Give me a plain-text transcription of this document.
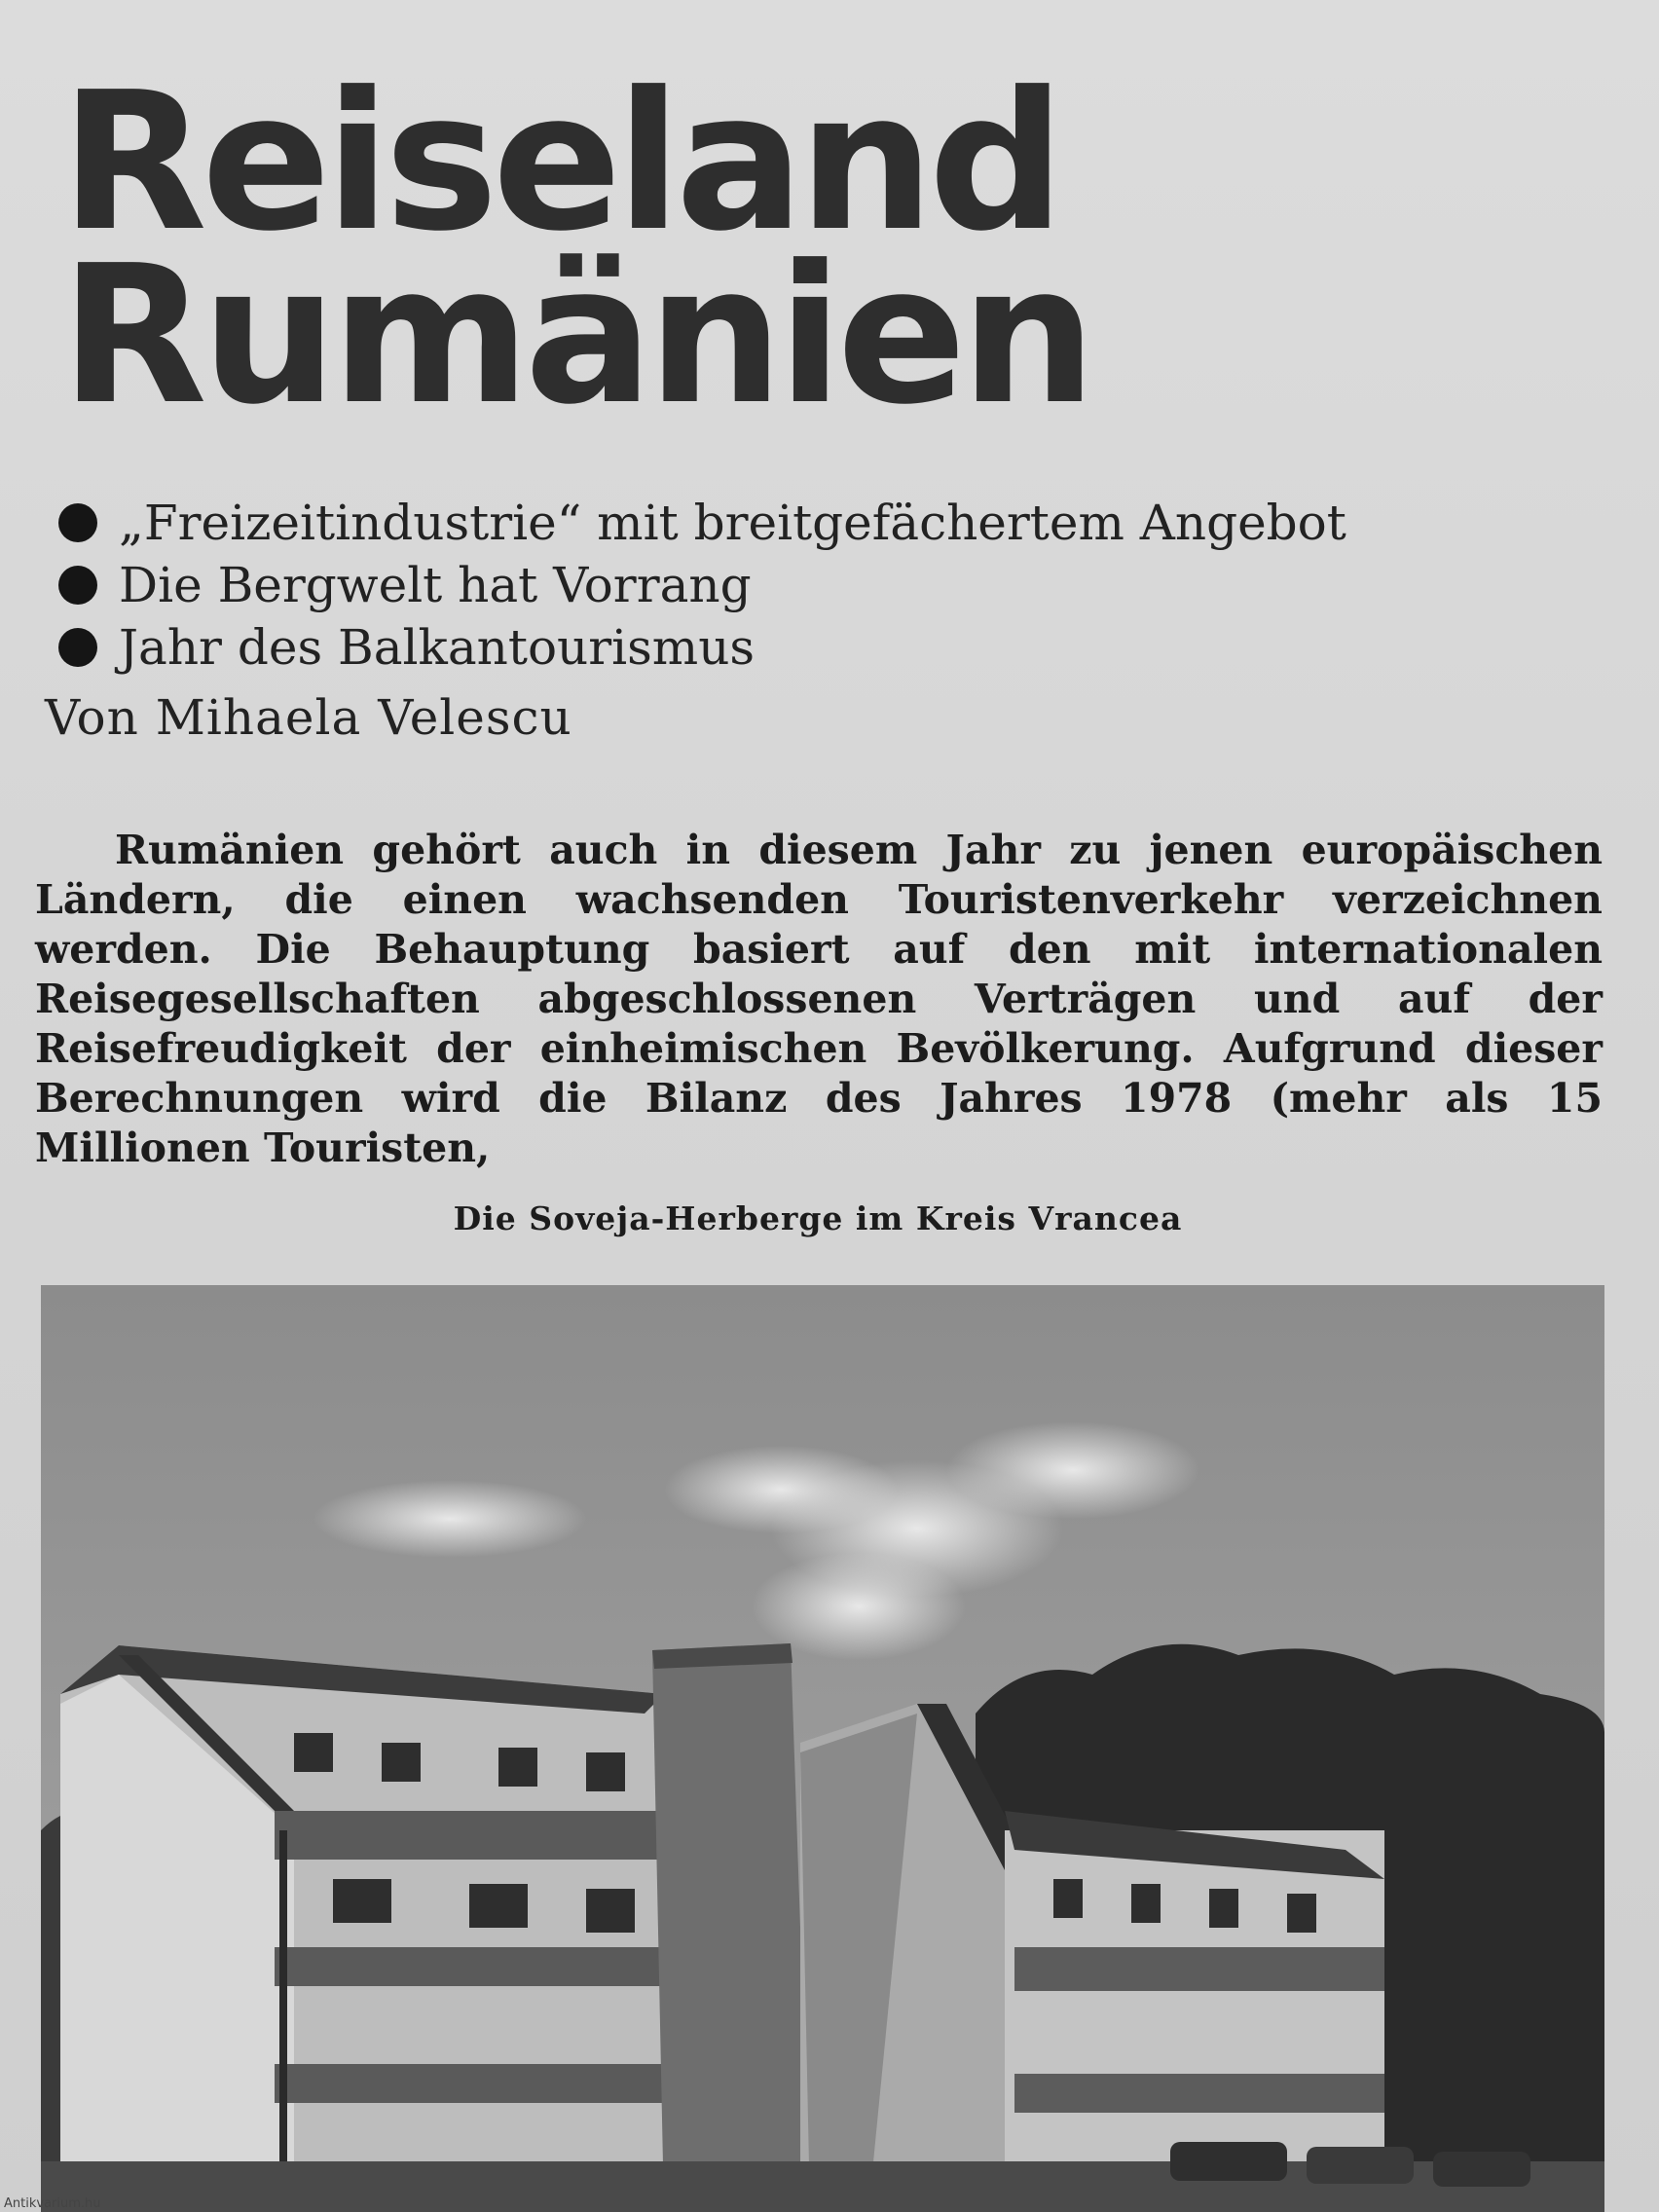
Reiseland
Rumänien
„Freizeitindustrie“ mit breitgefächertem Angebot
Die Bergwelt hat Vorrang
Jahr des Balkantourismus
Von Mihaela Velescu

Rumänien gehört auch in diesem Jahr zu jenen europäischen Ländern, die einen wachsenden Touristenverkehr verzeichnen werden. Die Behauptung basiert auf den mit internationalen Reisegesellschaften abgeschlossenen Verträgen und auf der Reisefreudigkeit der einheimischen Bevölkerung. Aufgrund dieser Berechnungen wird die Bilanz des Jahres 1978 (mehr als 15 Millionen Touristen,

Die Soveja-Herberge im Kreis Vrancea
Antikvarium.hu
